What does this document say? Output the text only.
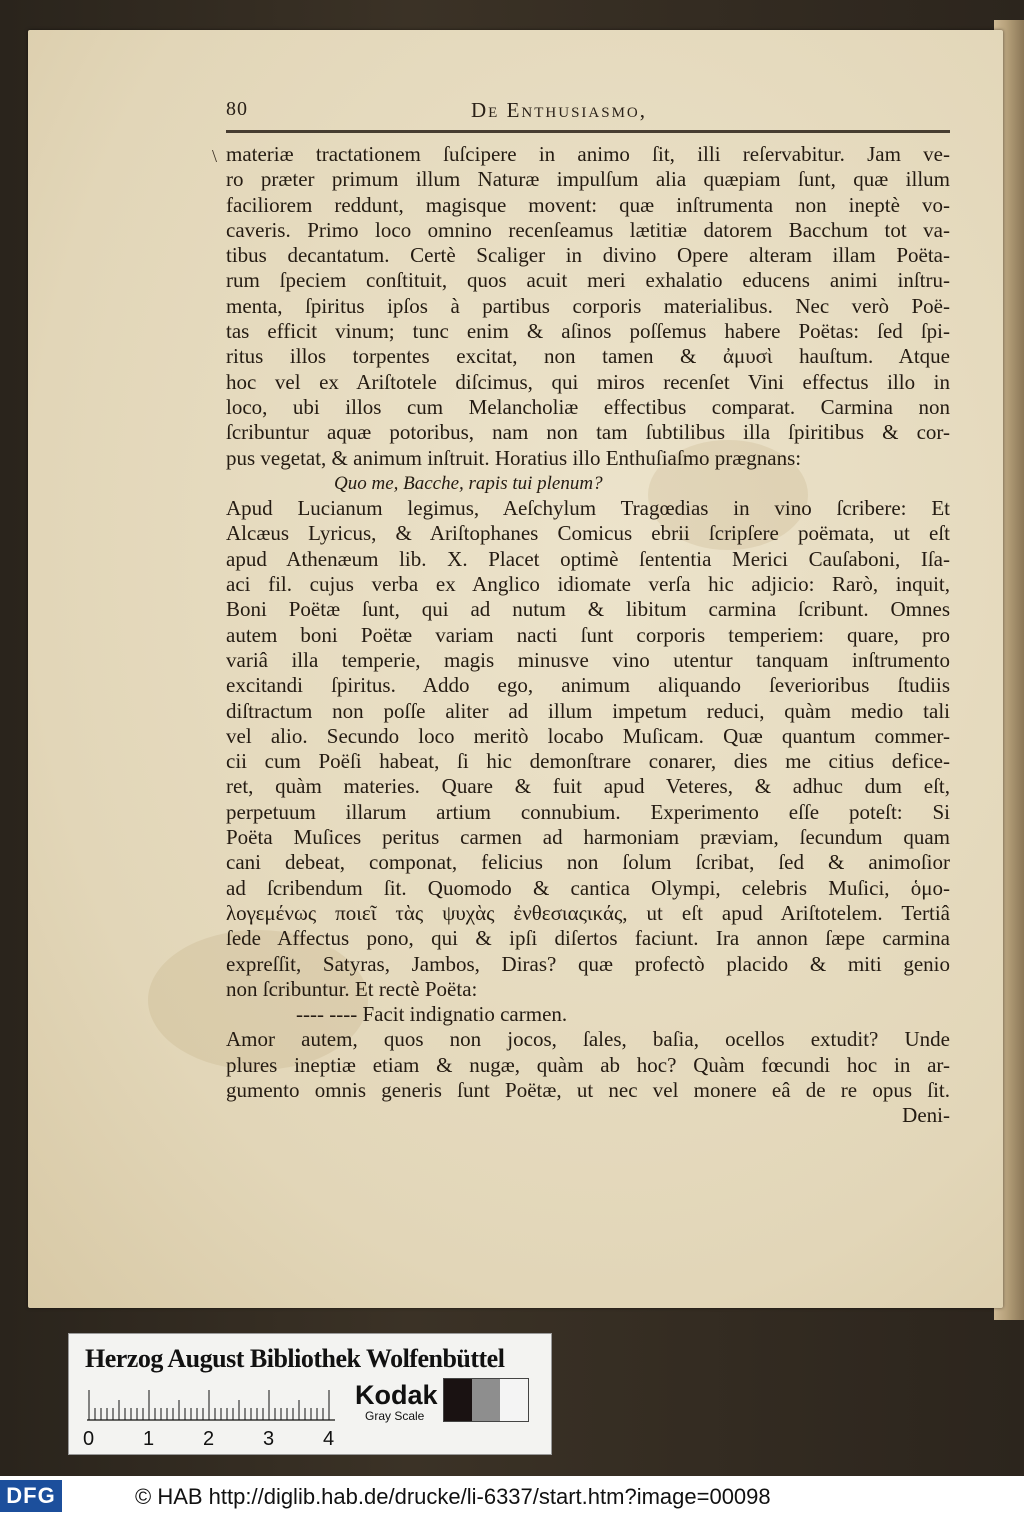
80	De Enthusiasmo,
\ materiæ tractationem ſuſcipere in animo ſit, illi reſervabitur. Jam ve-
ro præter primum illum Naturæ impulſum alia quæpiam ſunt, quæ illum
faciliorem reddunt, magisque movent: quæ inſtrumenta non ineptè vo-
caveris. Primo loco omnino recenſeamus lætitiæ datorem Bacchum tot va-
tibus decantatum. Certè Scaliger in divino Opere alteram illam Poëta-
rum ſpeciem conſtituit, quos acuit meri exhalatio educens animi inſtru-
menta, ſpiritus ipſos à partibus corporis materialibus. Nec verò Poë-
tas efficit vinum; tunc enim & aſinos poſſemus habere Poëtas: ſed ſpi-
ritus illos torpentes excitat, non tamen & ἀμυσὶ hauſtum. Atque
hoc vel ex Ariſtotele diſcimus, qui miros recenſet Vini effectus illo in
loco, ubi illos cum Melancholiæ effectibus comparat. Carmina non
ſcribuntur aquæ potoribus, nam non tam ſubtilibus illa ſpiritibus & cor-
pus vegetat, & animum inſtruit. Horatius illo Enthuſiaſmo prægnans:
Quo me, Bacche, rapis tui plenum?
Apud Lucianum legimus, Aeſchylum Tragœdias in vino ſcribere: Et
Alcæus Lyricus, & Ariſtophanes Comicus ebrii ſcripſere poëmata, ut eſt
apud Athenæum lib. X. Placet optimè ſententia Merici Cauſaboni, Iſa-
aci fil. cujus verba ex Anglico idiomate verſa hic adjicio: Rarò, inquit,
Boni Poëtæ ſunt, qui ad nutum & libitum carmina ſcribunt. Omnes
autem boni Poëtæ variam nacti ſunt corporis temperiem: quare, pro
variâ illa temperie, magis minusve vino utentur tanquam inſtrumento
excitandi ſpiritus. Addo ego, animum aliquando ſeverioribus ſtudiis
diſtractum non poſſe aliter ad illum impetum reduci, quàm medio tali
vel alio. Secundo loco meritò locabo Muſicam. Quæ quantum commer-
cii cum Poëſi habeat, ſi hic demonſtrare conarer, dies me citius defice-
ret, quàm materies. Quare & fuit apud Veteres, & adhuc dum eſt,
perpetuum illarum artium connubium. Experimento eſſe poteſt: Si
Poëta Muſices peritus carmen ad harmoniam præviam, ſecundum quam
cani debeat, componat, felicius non ſolum ſcribat, ſed & animoſior
ad ſcribendum ſit. Quomodo & cantica Olympi, celebris Muſici, ὁμο-
λογεμένως ποιεῖ τὰς ψυχὰς ἐνθεσιαςικάς, ut eſt apud Ariſtotelem. Tertiâ
ſede Affectus pono, qui & ipſi diſertos faciunt. Ira annon ſæpe carmina
expreſſit, Satyras, Jambos, Diras? quæ profectò placido & miti genio
non ſcribuntur. Et rectè Poëta:
---- ---- Facit indignatio carmen.
Amor autem, quos non jocos, ſales, baſia, ocellos extudit? Unde
plures ineptiæ etiam & nugæ, quàm ab hoc? Quàm fœcundi hoc in ar-
gumento omnis generis ſunt Poëtæ, ut nec vel monere eâ de re opus ſit.
Deni-
Herzog August Bibliothek Wolfenbüttel
0 1 2 3 4
Kodak
Gray Scale
DFG	© HAB http://diglib.hab.de/drucke/li-6337/start.htm?image=00098
